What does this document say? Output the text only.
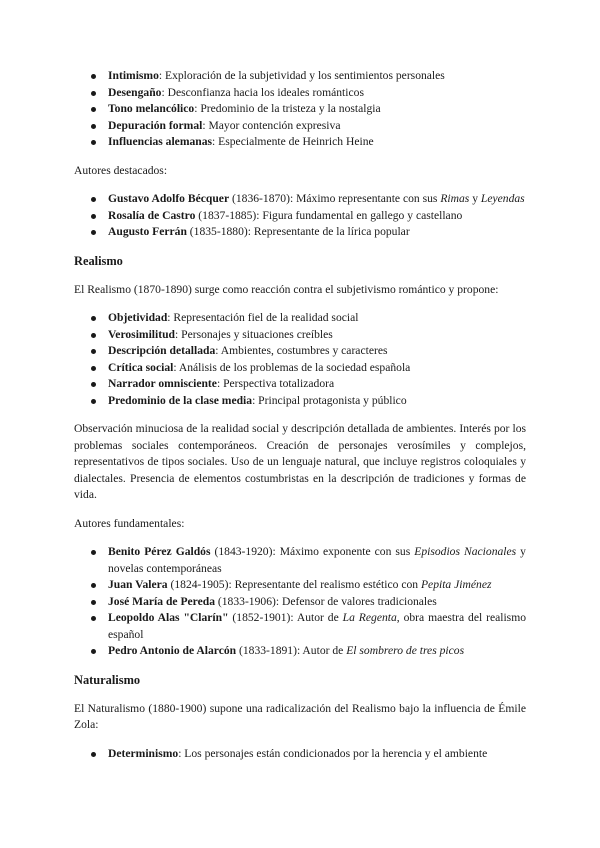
Intimismo: Exploración de la subjetividad y los sentimientos personales
Desengaño: Desconfianza hacia los ideales románticos
Tono melancólico: Predominio de la tristeza y la nostalgia
Depuración formal: Mayor contención expresiva
Influencias alemanas: Especialmente de Heinrich Heine

Autores destacados:

Gustavo Adolfo Bécquer (1836-1870): Máximo representante con sus Rimas y Leyendas
Rosalía de Castro (1837-1885): Figura fundamental en gallego y castellano
Augusto Ferrán (1835-1880): Representante de la lírica popular
Realismo

El Realismo (1870-1890) surge como reacción contra el subjetivismo romántico y propone:

Objetividad: Representación fiel de la realidad social
Verosimilitud: Personajes y situaciones creíbles
Descripción detallada: Ambientes, costumbres y caracteres
Crítica social: Análisis de los problemas de la sociedad española
Narrador omnisciente: Perspectiva totalizadora
Predominio de la clase media: Principal protagonista y público

Observación minuciosa de la realidad social y descripción detallada de ambientes. Interés por los problemas sociales contemporáneos. Creación de personajes verosímiles y complejos, representativos de tipos sociales. Uso de un lenguaje natural, que incluye registros coloquiales y dialectales. Presencia de elementos costumbristas en la descripción de tradiciones y formas de vida.

Autores fundamentales:

Benito Pérez Galdós (1843-1920): Máximo exponente con sus Episodios Nacionales y novelas contemporáneas
Juan Valera (1824-1905): Representante del realismo estético con Pepita Jiménez
José María de Pereda (1833-1906): Defensor de valores tradicionales
Leopoldo Alas "Clarín" (1852-1901): Autor de La Regenta, obra maestra del realismo español
Pedro Antonio de Alarcón (1833-1891): Autor de El sombrero de tres picos
Naturalismo

El Naturalismo (1880-1900) supone una radicalización del Realismo bajo la influencia de Émile Zola:

Determinismo: Los personajes están condicionados por la herencia y el ambiente
